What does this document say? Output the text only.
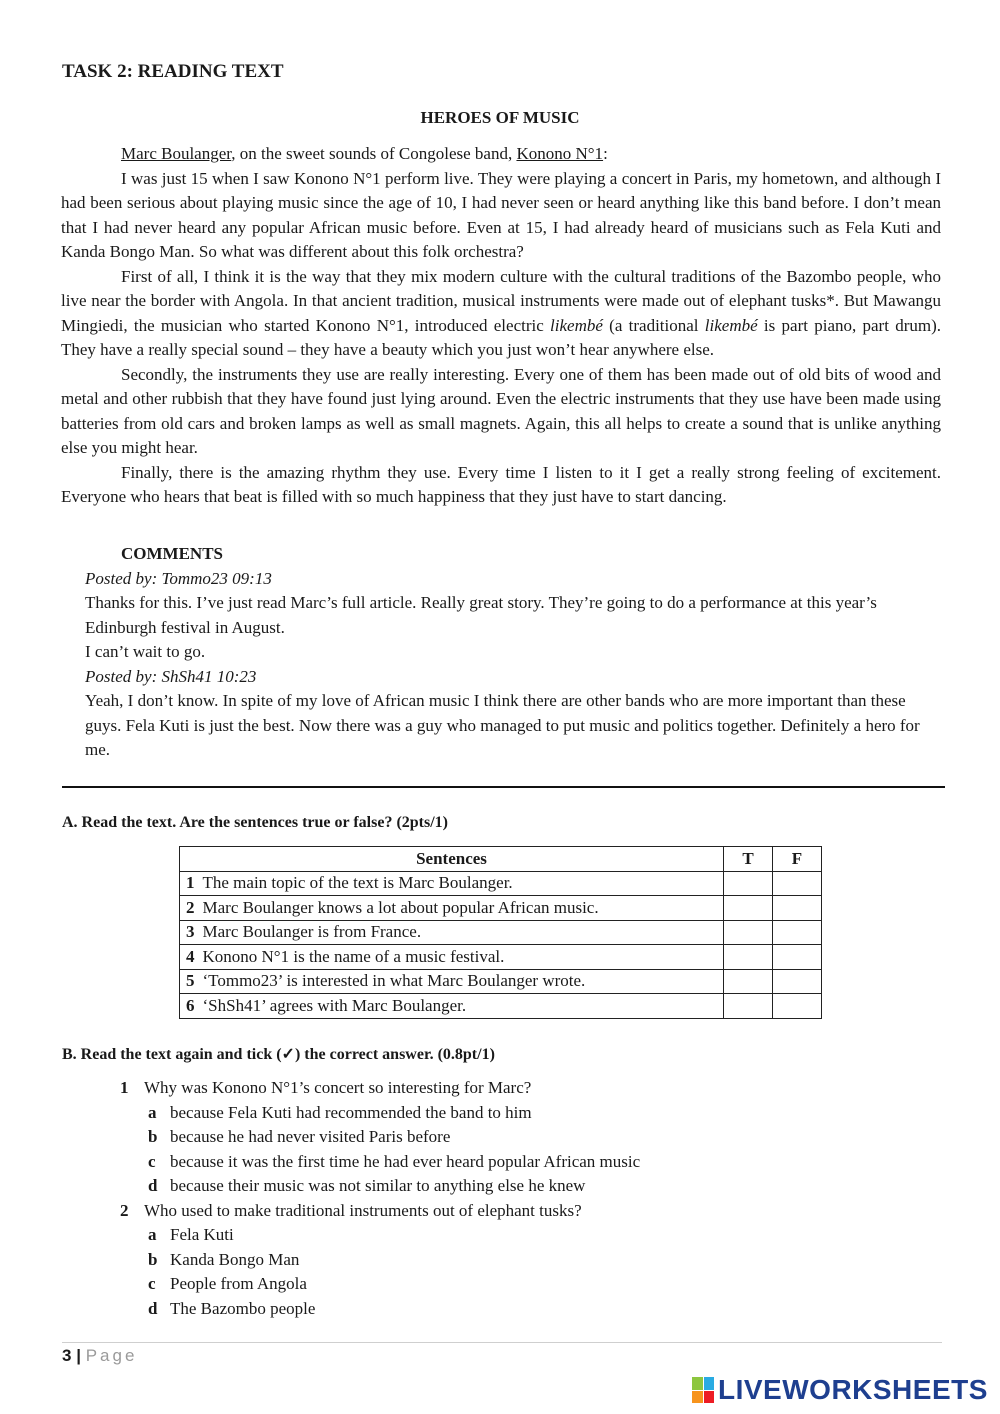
TASK 2: READING TEXT
HEROES OF MUSIC

Marc Boulanger, on the sweet sounds of Congolese band, Konono N°1:

I was just 15 when I saw Konono N°1 perform live. They were playing a concert in Paris, my hometown, and although I had been serious about playing music since the age of 10, I had never seen or heard anything like this band before. I don’t mean that I had never heard any popular African music before. Even at 15, I had already heard of musicians such as Fela Kuti and Kanda Bongo Man. So what was different about this folk orchestra?

First of all, I think it is the way that they mix modern culture with the cultural traditions of the Bazombo people, who live near the border with Angola. In that ancient tradition, musical instruments were made out of elephant tusks*. But Mawangu Mingiedi, the musician who started Konono N°1, introduced electric likembé (a traditional likembé is part piano, part drum). They have a really special sound – they have a beauty which you just won’t hear anywhere else.

Secondly, the instruments they use are really interesting. Every one of them has been made out of old bits of wood and metal and other rubbish that they have found just lying around. Even the electric instruments that they use have been made using batteries from old cars and broken lamps as well as small magnets. Again, this all helps to create a sound that is unlike anything else you might hear.

Finally, there is the amazing rhythm they use. Every time I listen to it I get a really strong feeling of excitement. Everyone who hears that beat is filled with so much happiness that they just have to start dancing.

COMMENTS

Posted by: Tommo23 09:13

Thanks for this. I’ve just read Marc’s full article. Really great story. They’re going to do a performance at this year’s Edinburgh festival in August.

I can’t wait to go.

Posted by: ShSh41 10:23

Yeah, I don’t know. In spite of my love of African music I think there are other bands who are more important than these guys. Fela Kuti is just the best. Now there was a guy who managed to put music and politics together. Definitely a hero for me.

A. Read the text. Are the sentences true or false? (2pts/1)

Sentences		T	F
1	The main topic of the text is Marc Boulanger.		
2	Marc Boulanger knows a lot about popular African music.		
3	Marc Boulanger is from France.		
4	Konono N°1 is the name of a music festival.		
5	‘Tommo23’ is interested in what Marc Boulanger wrote.		
6	‘ShSh41’ agrees with Marc Boulanger.		

B. Read the text again and tick (✓) the correct answer. (0.8pt/1)

1 Why was Konono N°1’s concert so interesting for Marc?

a because Fela Kuti had recommended the band to him

b because he had never visited Paris before

c because it was the first time he had ever heard popular African music

d because their music was not similar to anything else he knew

2 Who used to make traditional instruments out of elephant tusks?

a Fela Kuti

b Kanda Bongo Man

c People from Angola

d The Bazombo people

3 | Page
LIVEWORKSHEETS
